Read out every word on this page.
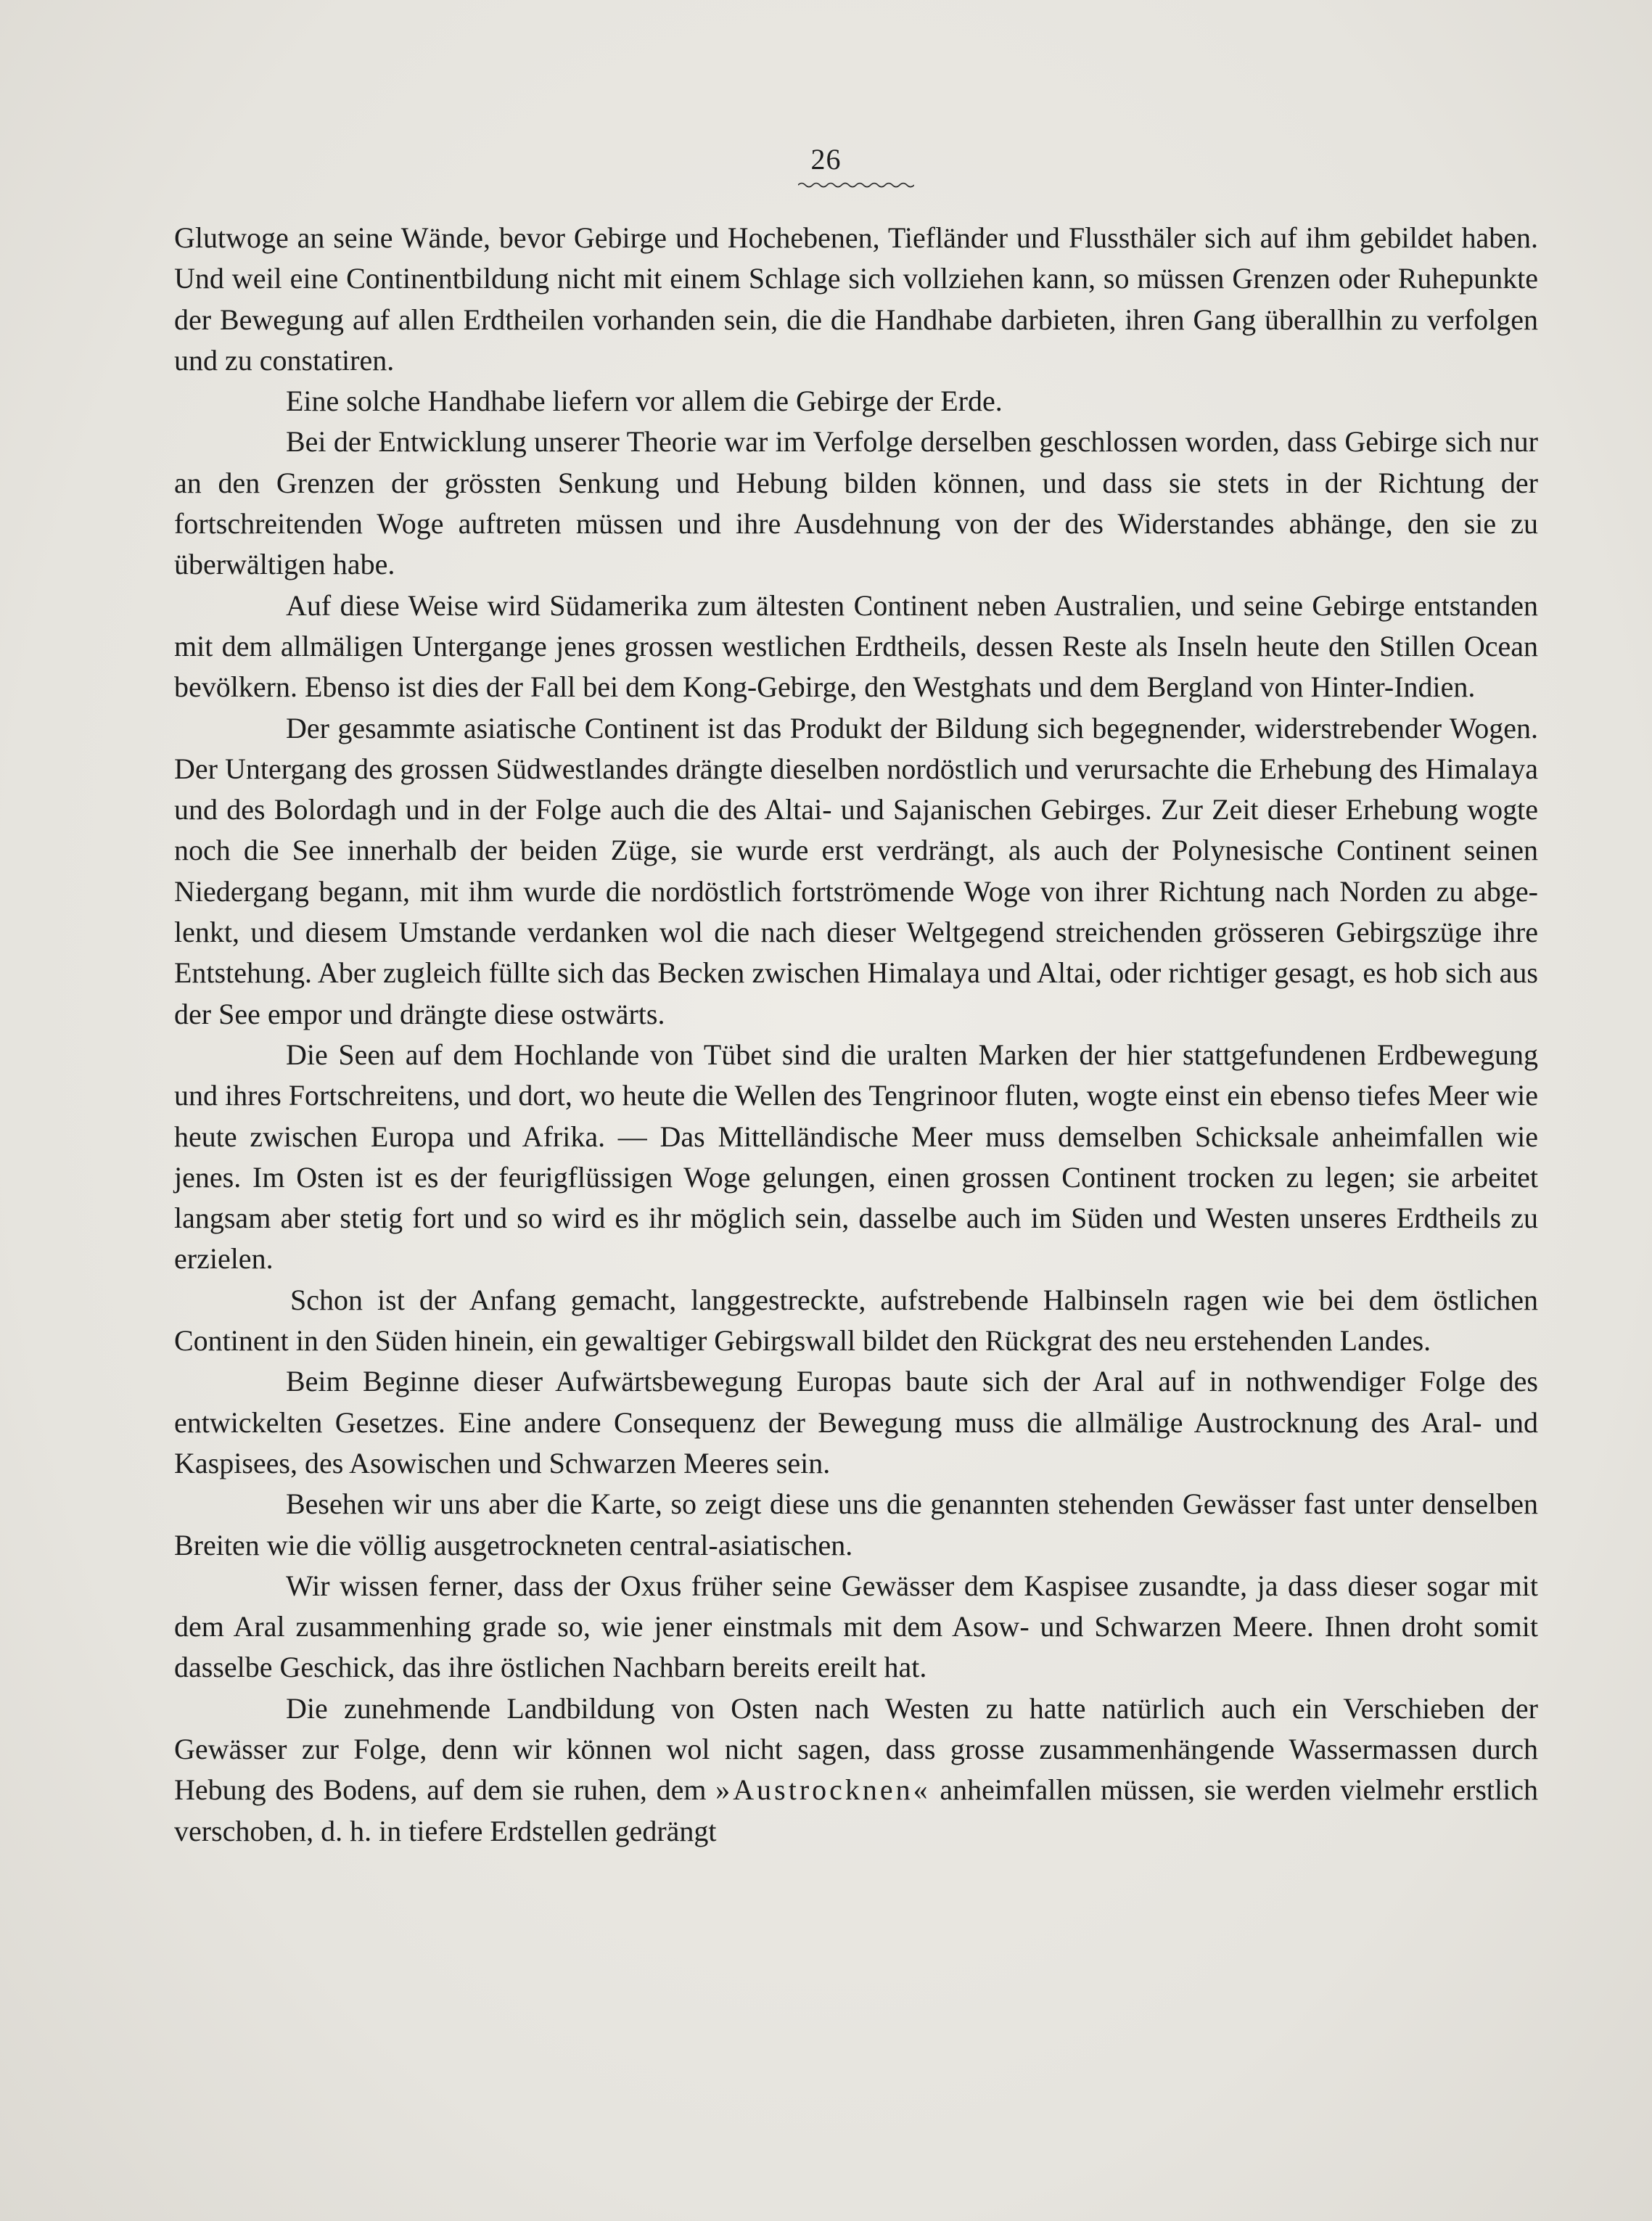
26

Glutwoge an seine Wände, bevor Gebirge und Hochebenen, Tiefländer und Flussthäler sich auf ihm gebildet haben. Und weil eine Continentbildung nicht mit einem Schlage sich vollziehen kann, so müssen Grenzen oder Ruhepunkte der Bewegung auf allen Erdtheilen vorhanden sein, die die Handhabe darbieten, ihren Gang überallhin zu verfolgen und zu constatiren.

Eine solche Handhabe liefern vor allem die Gebirge der Erde.

Bei der Entwicklung unserer Theorie war im Verfolge derselben geschlossen worden, dass Gebirge sich nur an den Grenzen der grössten Senkung und Hebung bilden können, und dass sie stets in der Richtung der fortschreitenden Woge auftreten müssen und ihre Ausdehnung von der des Widerstandes abhänge, den sie zu überwältigen habe.

Auf diese Weise wird Südamerika zum ältesten Continent neben Australien, und seine Gebirge entstanden mit dem allmäligen Untergange jenes grossen westlichen Erdtheils, dessen Reste als Inseln heute den Stillen Ocean bevölkern. Ebenso ist dies der Fall bei dem Kong-Gebirge, den Westghats und dem Bergland von Hinter-Indien.

Der gesammte asiatische Continent ist das Produkt der Bildung sich begegnender, widerstrebender Wogen. Der Untergang des grossen Südwestlandes drängte dieselben nordöstlich und verursachte die Erhebung des Himalaya und des Bolordagh und in der Folge auch die des Altai- und Sajanischen Gebirges. Zur Zeit dieser Erhebung wogte noch die See innerhalb der beiden Züge, sie wurde erst verdrängt, als auch der Polynesische Continent seinen Niedergang begann, mit ihm wurde die nordöstlich fortströmende Woge von ihrer Richtung nach Norden zu abgelenkt, und diesem Umstande verdanken wol die nach dieser Weltgegend streichenden grösseren Gebirgszüge ihre Entstehung. Aber zugleich füllte sich das Becken zwischen Himalaya und Altai, oder richtiger gesagt, es hob sich aus der See empor und drängte diese ostwärts.

Die Seen auf dem Hochlande von Tübet sind die uralten Marken der hier stattgefundenen Erdbewegung und ihres Fortschreitens, und dort, wo heute die Wellen des Tengrinoor fluten, wogte einst ein ebenso tiefes Meer wie heute zwischen Europa und Afrika. — Das Mittelländische Meer muss demselben Schicksale anheimfallen wie jenes. Im Osten ist es der feurigflüssigen Woge gelungen, einen grossen Continent trocken zu legen; sie arbeitet langsam aber stetig fort und so wird es ihr möglich sein, dasselbe auch im Süden und Westen unseres Erdtheils zu erzielen.

Schon ist der Anfang gemacht, langgestreckte, aufstrebende Halbinseln ragen wie bei dem östlichen Continent in den Süden hinein, ein gewaltiger Gebirgswall bildet den Rückgrat des neu erstehenden Landes.

Beim Beginne dieser Aufwärtsbewegung Europas baute sich der Aral auf in nothwendiger Folge des entwickelten Gesetzes. Eine andere Consequenz der Bewegung muss die allmälige Austrocknung des Aral- und Kaspisees, des Asowischen und Schwarzen Meeres sein.

Besehen wir uns aber die Karte, so zeigt diese uns die genannten stehenden Gewässer fast unter denselben Breiten wie die völlig ausgetrockneten central-asiatischen.

Wir wissen ferner, dass der Oxus früher seine Gewässer dem Kaspisee zusandte, ja dass dieser sogar mit dem Aral zusammenhing grade so, wie jener einstmals mit dem Asow- und Schwarzen Meere. Ihnen droht somit dasselbe Geschick, das ihre östlichen Nachbarn bereits ereilt hat.

Die zunehmende Landbildung von Osten nach Westen zu hatte natürlich auch ein Verschieben der Gewässer zur Folge, denn wir können wol nicht sagen, dass grosse zusammenhängende Wassermassen durch Hebung des Bodens, auf dem sie ruhen, dem »Austrocknen« anheimfallen müssen, sie werden vielmehr erstlich verschoben, d. h. in tiefere Erdstellen gedrängt
